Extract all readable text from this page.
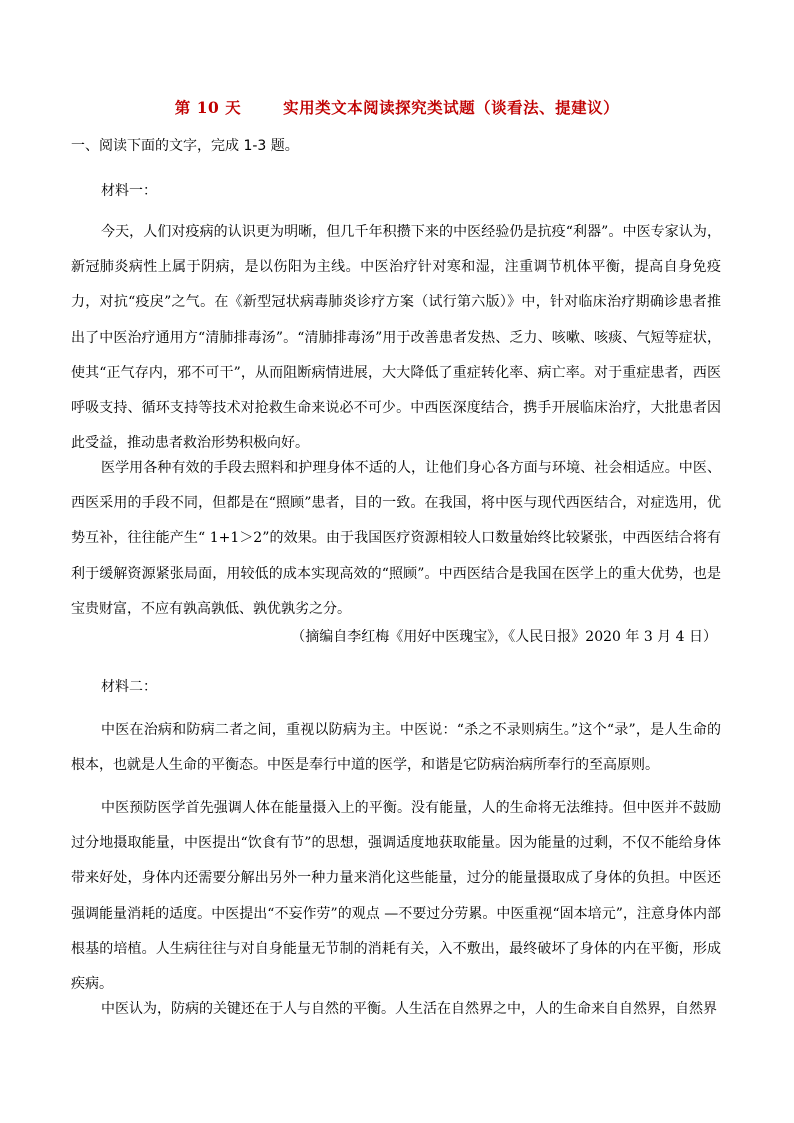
第 10 天	实用类文本阅读探究类试题（谈看法、提建议）
一、阅读下面的文字，完成 1-3 题。
材料一：

今天，人们对疫病的认识更为明晰，但几千年积攒下来的中医经验仍是抗疫“利器”。中医专家认为，新冠肺炎病性上属于阴病，是以伤阳为主线。中医治疗针对寒和湿，注重调节机体平衡，提高自身免疫力，对抗“疫戾”之气。在《新型冠状病毒肺炎诊疗方案（试行第六版）》中，针对临床治疗期确诊患者推出了中医治疗通用方“清肺排毒汤”。“清肺排毒汤”用于改善患者发热、乏力、咳嗽、咳痰、气短等症状，使其“正气存内，邪不可干”，从而阻断病情进展，大大降低了重症转化率、病亡率。对于重症患者，西医呼吸支持、循环支持等技术对抢救生命来说必不可少。中西医深度结合，携手开展临床治疗，大批患者因此受益，推动患者救治形势积极向好。

医学用各种有效的手段去照料和护理身体不适的人，让他们身心各方面与环境、社会相适应。中医、西医采用的手段不同，但都是在“照顾”患者，目的一致。在我国，将中医与现代西医结合，对症选用，优势互补，往往能产生“ 1+1＞2”的效果。由于我国医疗资源相较人口数量始终比较紧张，中西医结合将有利于缓解资源紧张局面，用较低的成本实现高效的“照顾”。中西医结合是我国在医学上的重大优势，也是宝贵财富，不应有孰高孰低、孰优孰劣之分。

（摘编自李红梅《用好中医瑰宝》，《人民日报》2020 年 3 月 4 日）
材料二：

中医在治病和防病二者之间，重视以防病为主。中医说：“杀之不录则病生。”这个“录”，是人生命的根本，也就是人生命的平衡态。中医是奉行中道的医学，和谐是它防病治病所奉行的至高原则。

中医预防医学首先强调人体在能量摄入上的平衡。没有能量，人的生命将无法维持。但中医并不鼓励过分地摄取能量，中医提出“饮食有节”的思想，强调适度地获取能量。因为能量的过剩，不仅不能给身体带来好处，身体内还需要分解出另外一种力量来消化这些能量，过分的能量摄取成了身体的负担。中医还强调能量消耗的适度。中医提出“不妄作劳”的观点 —不要过分劳累。中医重视“固本培元”，注意身体内部根基的培植。人生病往往与对自身能量无节制的消耗有关，入不敷出，最终破坏了身体的内在平衡，形成疾病。

中医认为，防病的关键还在于人与自然的平衡。人生活在自然界之中，人的生命来自自然界，自然界
